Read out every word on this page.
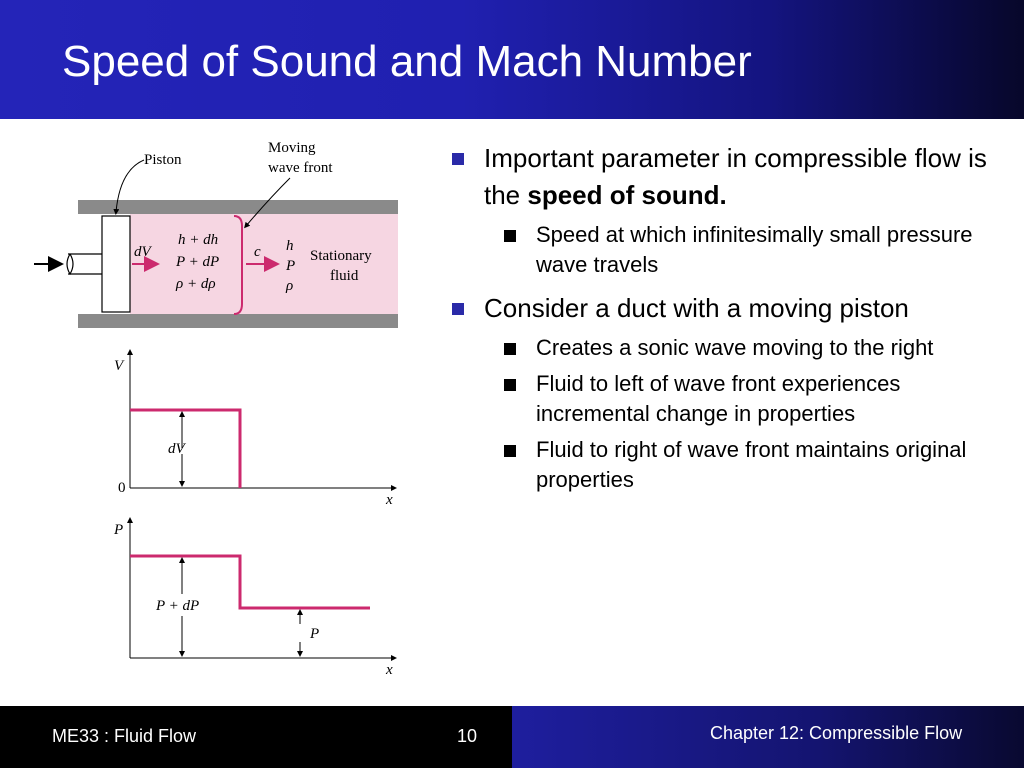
Speed of Sound and Mach Number
Piston
Moving
wave front
dV
h + dh
P + dP
ρ + dρ
c h
P
ρ
Stationary
fluid
V
0
dV
x
P
P + dP
P
x
Important parameter in compressible flow is the speed of sound.
Speed at which infinitesimally small pressure wave travels
Consider a duct with a moving piston
Creates a sonic wave moving to the right
Fluid to left of wave front experiences incremental change in properties
Fluid to right of wave front maintains original properties
ME33 : Fluid Flow	10	Chapter 12: Compressible Flow
